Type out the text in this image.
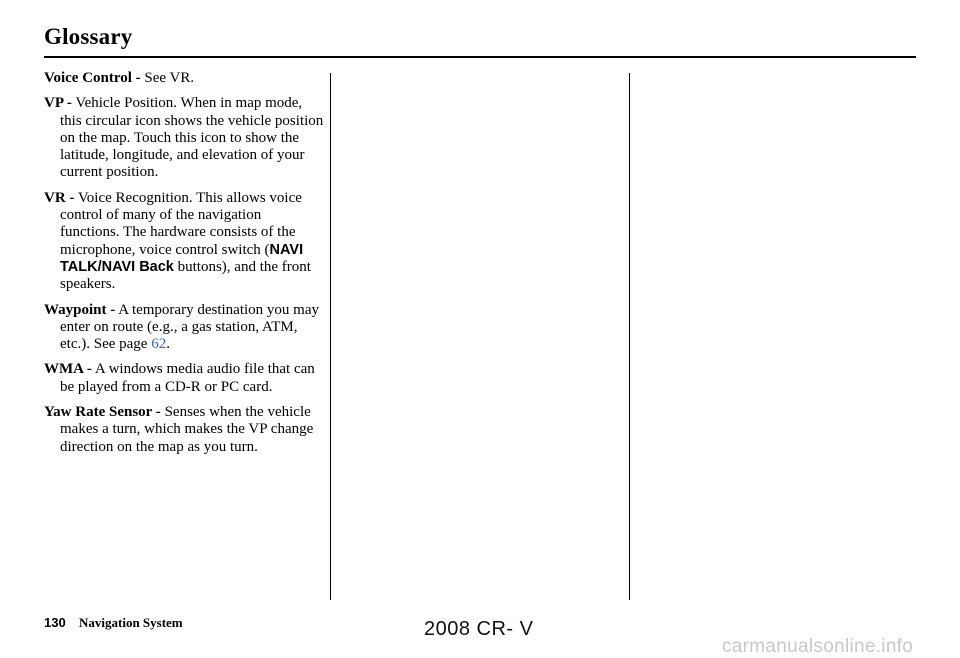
Glossary

Voice Control - See VR.

VP - Vehicle Position. When in map mode, this circular icon shows the vehicle position on the map. Touch this icon to show the latitude, longitude, and elevation of your current position.

VR - Voice Recognition. This allows voice control of many of the navigation functions. The hardware consists of the microphone, voice control switch (NAVI TALK/NAVI Back buttons), and the front speakers.

Waypoint - A temporary destination you may enter on route (e.g., a gas station, ATM, etc.). See page 62.

WMA - A windows media audio file that can be played from a CD-R or PC card.

Yaw Rate Sensor - Senses when the vehicle makes a turn, which makes the VP change direction on the map as you turn.

130 Navigation System	2008 CR- V
carmanualsonline.info
